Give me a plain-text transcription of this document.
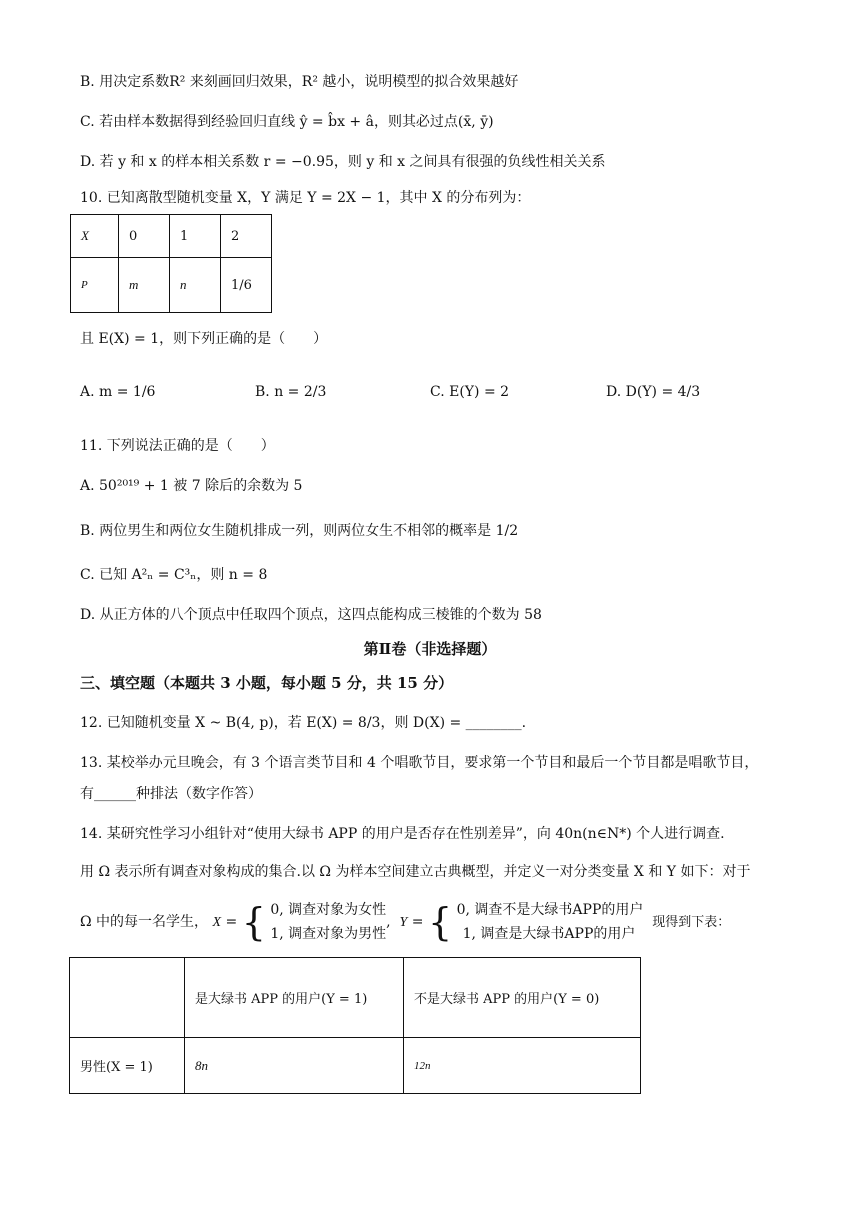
B. 用决定系数R² 来刻画回归效果，R² 越小，说明模型的拟合效果越好
C. 若由样本数据得到经验回归直线 ŷ = b̂x + â，则其必过点(x̄, ȳ)
D. 若 y 和 x 的样本相关系数 r = −0.95，则 y 和 x 之间具有很强的负线性相关关系
10. 已知离散型随机变量 X，Y 满足 Y = 2X − 1，其中 X 的分布列为：
X	0	1	2
P	m	n	1/6
且 E(X) = 1，则下列正确的是（　　）
A. m = 1/6	B. n = 2/3	C. E(Y) = 2	D. D(Y) = 4/3
11. 下列说法正确的是（　　）
A. 50²⁰¹⁹ + 1 被 7 除后的余数为 5
B. 两位男生和两位女生随机排成一列，则两位女生不相邻的概率是 1/2
C. 已知 A²ₙ = C³ₙ，则 n = 8
D. 从正方体的八个顶点中任取四个顶点，这四点能构成三棱锥的个数为 58
第Ⅱ卷（非选择题）
三、填空题（本题共 3 小题，每小题 5 分，共 15 分）
12. 已知随机变量 X ~ B(4, p)，若 E(X) = 8/3，则 D(X) = ________.
13. 某校举办元旦晚会，有 3 个语言类节目和 4 个唱歌节目，要求第一个节目和最后一个节目都是唱歌节目，
有______种排法（数字作答）
14. 某研究性学习小组针对“使用大绿书 APP 的用户是否存在性别差异”，向 40n(n∈N*) 个人进行调查.
用 Ω 表示所有调查对象构成的集合.以 Ω 为样本空间建立古典概型，并定义一对分类变量 X 和 Y 如下：对于
Ω 中的每一名学生， X = { 0, 调查对象为女性
1, 调查对象为男性
,  Y = { 0, 调查不是大绿书APP的用户
1, 调查是大绿书APP的用户
现得到下表：
	是大绿书 APP 的用户(Y = 1)	不是大绿书 APP 的用户(Y = 0)
男性(X = 1)	8n	12n
